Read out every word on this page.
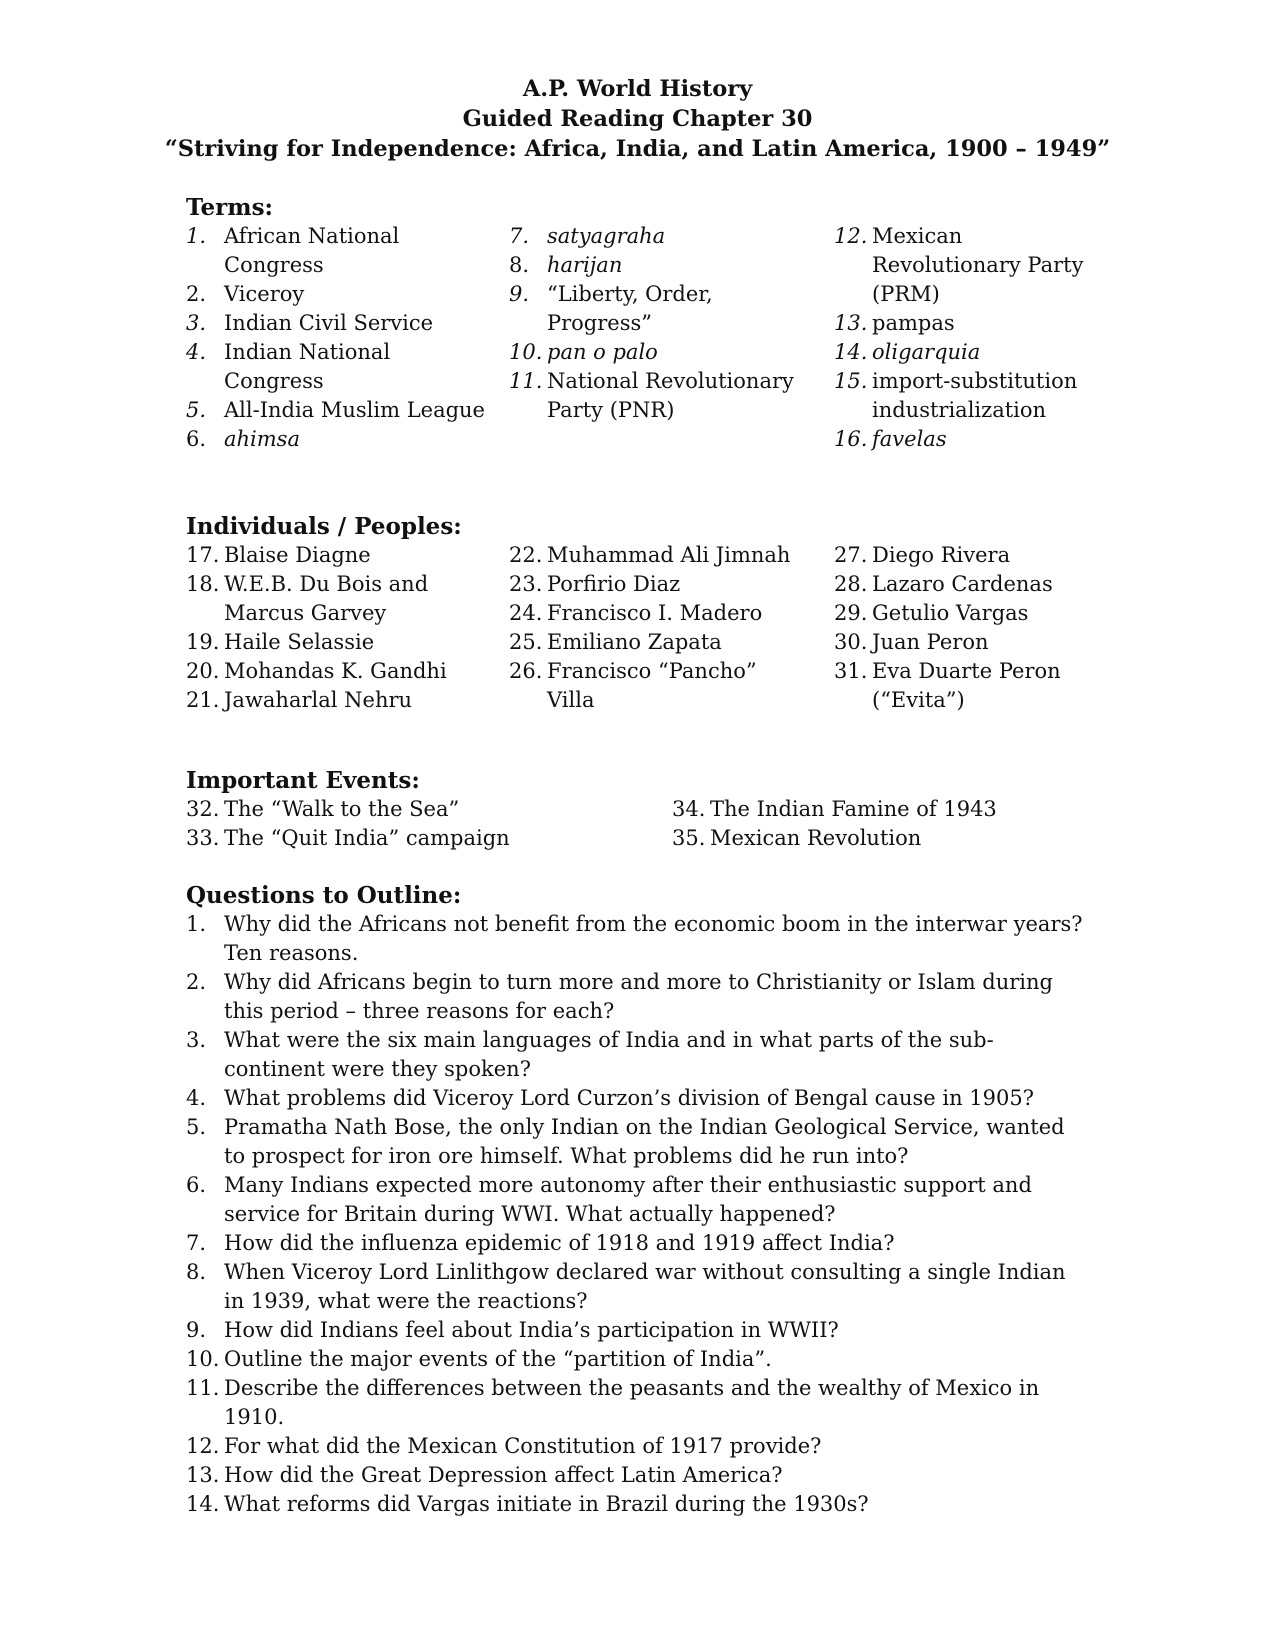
A.P. World History
Guided Reading Chapter 30
“Striving for Independence: Africa, India, and Latin America, 1900 – 1949”
Terms:
1. African National Congress
2. Viceroy
3. Indian Civil Service
4. Indian National Congress
5. All-India Muslim League
6. ahimsa
7. satyagraha
8. harijan
9. “Liberty, Order, Progress”
10. pan o palo
11. National Revolutionary Party (PNR)
12. Mexican Revolutionary Party (PRM)
13. pampas
14. oligarquia
15. import-substitution industrialization
16. favelas
Individuals / Peoples:
17. Blaise Diagne
18. W.E.B. Du Bois and Marcus Garvey
19. Haile Selassie
20. Mohandas K. Gandhi
21. Jawaharlal Nehru
22. Muhammad Ali Jimnah
23. Porfirio Diaz
24. Francisco I. Madero
25. Emiliano Zapata
26. Francisco “Pancho” Villa
27. Diego Rivera
28. Lazaro Cardenas
29. Getulio Vargas
30. Juan Peron
31. Eva Duarte Peron (“Evita”)
Important Events:
32. The “Walk to the Sea”
33. The “Quit India” campaign
34. The Indian Famine of 1943
35. Mexican Revolution
Questions to Outline:
1. Why did the Africans not benefit from the economic boom in the interwar years? Ten reasons.
2. Why did Africans begin to turn more and more to Christianity or Islam during this period – three reasons for each?
3. What were the six main languages of India and in what parts of the sub-continent were they spoken?
4. What problems did Viceroy Lord Curzon’s division of Bengal cause in 1905?
5. Pramatha Nath Bose, the only Indian on the Indian Geological Service, wanted to prospect for iron ore himself. What problems did he run into?
6. Many Indians expected more autonomy after their enthusiastic support and service for Britain during WWI. What actually happened?
7. How did the influenza epidemic of 1918 and 1919 affect India?
8. When Viceroy Lord Linlithgow declared war without consulting a single Indian in 1939, what were the reactions?
9. How did Indians feel about India’s participation in WWII?
10. Outline the major events of the “partition of India”.
11. Describe the differences between the peasants and the wealthy of Mexico in 1910.
12. For what did the Mexican Constitution of 1917 provide?
13. How did the Great Depression affect Latin America?
14. What reforms did Vargas initiate in Brazil during the 1930s?
